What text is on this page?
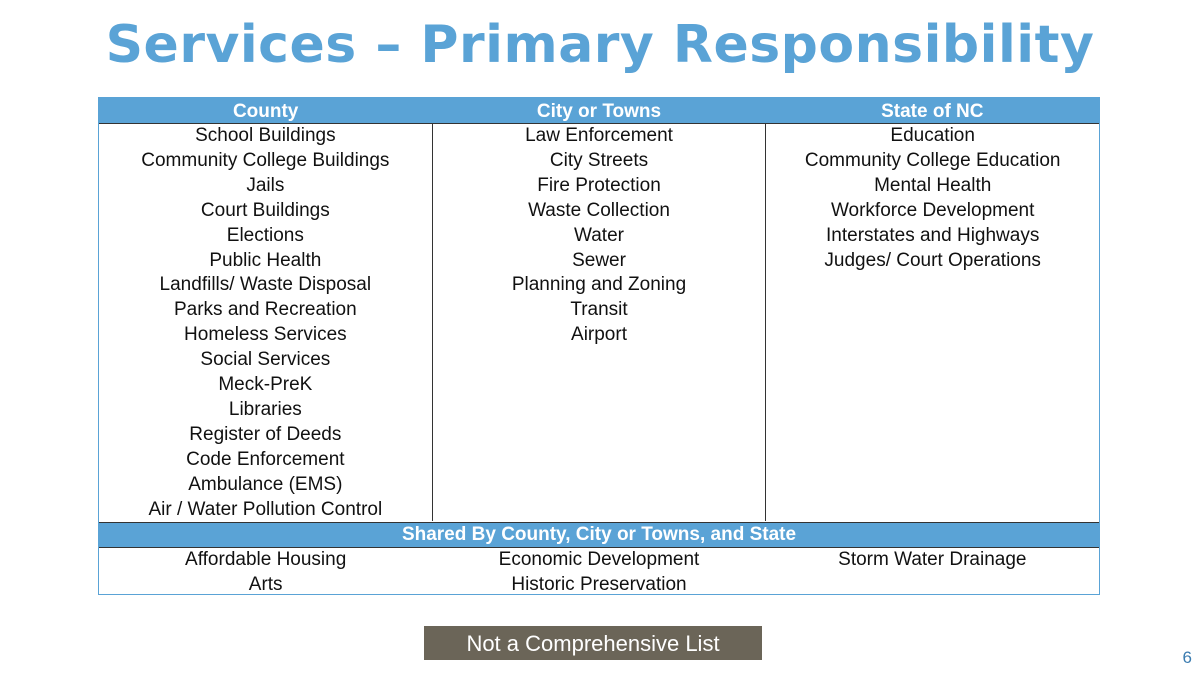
Services – Primary Responsibility
County	City or Towns	State of NC
School Buildings
Community College Buildings
Jails
Court Buildings
Elections
Public Health
Landfills/ Waste Disposal
Parks and Recreation
Homeless Services
Social Services
Meck-PreK
Libraries
Register of Deeds
Code Enforcement
Ambulance (EMS)
Air / Water Pollution Control
Law Enforcement
City Streets
Fire Protection
Waste Collection
Water
Sewer
Planning and Zoning
Transit
Airport
Education
Community College Education
Mental Health
Workforce Development
Interstates and Highways
Judges/ Court Operations
Shared By County, City or Towns, and State
Affordable Housing
Arts
Economic Development
Historic Preservation
Storm Water Drainage
Not a Comprehensive List
6
